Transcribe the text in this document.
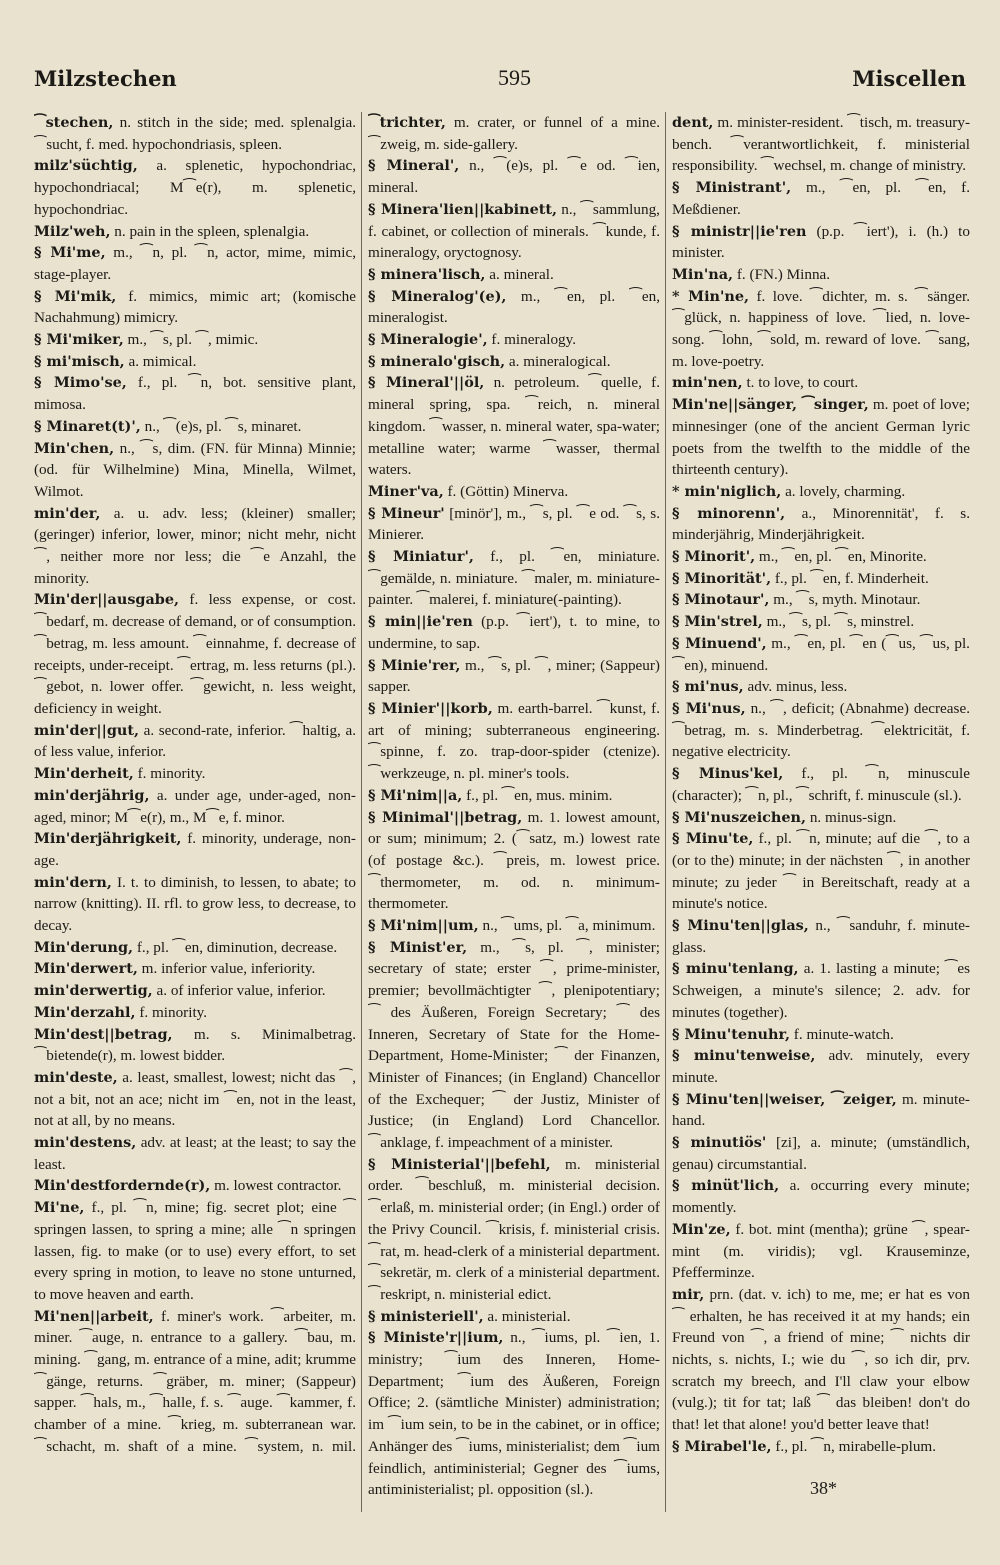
Milzstechen	595	Miscellen

⁀stechen, n. stitch in the side; med. splenalgia. ⁀sucht, f. med. hypochondriasis, spleen.

milz'süchtig, a. splenetic, hypochondriac, hypochondriacal; M⁀e(r), m. splenetic, hypochondriac.

Milz'weh, n. pain in the spleen, splenalgia.

§ Mi'me, m., ⁀n, pl. ⁀n, actor, mime, mimic, stage-player.

§ Mi'mik, f. mimics, mimic art; (komische Nachahmung) mimicry.

§ Mi'miker, m., ⁀s, pl. ⁀, mimic.

§ mi'misch, a. mimical.

§ Mimo'se, f., pl. ⁀n, bot. sensitive plant, mimosa.

§ Minaret(t)', n., ⁀(e)s, pl. ⁀s, minaret.

Min'chen, n., ⁀s, dim. (FN. für Minna) Minnie; (od. für Wilhelmine) Mina, Minella, Wilmet, Wilmot.

min'der, a. u. adv. less; (kleiner) smaller; (geringer) inferior, lower, minor; nicht mehr, nicht ⁀, neither more nor less; die ⁀e Anzahl, the minority.

Min'der||ausgabe, f. less expense, or cost. ⁀bedarf, m. decrease of demand, or of consumption. ⁀betrag, m. less amount. ⁀einnahme, f. decrease of receipts, under-receipt. ⁀ertrag, m. less returns (pl.). ⁀gebot, n. lower offer. ⁀gewicht, n. less weight, deficiency in weight.

min'der||gut, a. second-rate, inferior. ⁀haltig, a. of less value, inferior.

Min'derheit, f. minority.

min'derjährig, a. under age, under-aged, non-aged, minor; M⁀e(r), m., M⁀e, f. minor.

Min'derjährigkeit, f. minority, underage, non-age.

min'dern, I. t. to diminish, to lessen, to abate; to narrow (knitting). II. rfl. to grow less, to decrease, to decay.

Min'derung, f., pl. ⁀en, diminution, decrease.

Min'derwert, m. inferior value, inferiority.

min'derwertig, a. of inferior value, inferior.

Min'derzahl, f. minority.

Min'dest||betrag, m. s. Minimalbetrag. ⁀bietende(r), m. lowest bidder.

min'deste, a. least, smallest, lowest; nicht das ⁀, not a bit, not an ace; nicht im ⁀en, not in the least, not at all, by no means.

min'destens, adv. at least; at the least; to say the least.

Min'destfordernde(r), m. lowest contractor.

Mi'ne, f., pl. ⁀n, mine; fig. secret plot; eine ⁀ springen lassen, to spring a mine; alle ⁀n springen lassen, fig. to make (or to use) every effort, to set every spring in motion, to leave no stone unturned, to move heaven and earth.

Mi'nen||arbeit, f. miner's work. ⁀arbeiter, m. miner. ⁀auge, n. entrance to a gallery. ⁀bau, m. mining. ⁀gang, m. entrance of a mine, adit; krumme ⁀gänge, returns. ⁀gräber, m. miner; (Sappeur) sapper. ⁀hals, m., ⁀halle, f. s. ⁀auge. ⁀kammer, f. chamber of a mine. ⁀krieg, m. subterranean war. ⁀schacht, m. shaft of a mine. ⁀system, n. mil.

⁀trichter, m. crater, or funnel of a mine. ⁀zweig, m. side-gallery.

§ Mineral', n., ⁀(e)s, pl. ⁀e od. ⁀ien, mineral.

§ Minera'lien||kabinett, n., ⁀sammlung, f. cabinet, or collection of minerals. ⁀kunde, f. mineralogy, oryctognosy.

§ minera'lisch, a. mineral.

§ Mineralog'(e), m., ⁀en, pl. ⁀en, mineralogist.

§ Mineralogie', f. mineralogy.

§ mineralo'gisch, a. mineralogical.

§ Mineral'||öl, n. petroleum. ⁀quelle, f. mineral spring, spa. ⁀reich, n. mineral kingdom. ⁀wasser, n. mineral water, spa-water; metalline water; warme ⁀wasser, thermal waters.

Miner'va, f. (Göttin) Minerva.

§ Mineur' [minör'], m., ⁀s, pl. ⁀e od. ⁀s, s. Minierer.

§ Miniatur', f., pl. ⁀en, miniature. ⁀gemälde, n. miniature. ⁀maler, m. miniature-painter. ⁀malerei, f. miniature(-painting).

§ min||ie'ren (p.p. ⁀iert'), t. to mine, to undermine, to sap.

§ Minie'rer, m., ⁀s, pl. ⁀, miner; (Sappeur) sapper.

§ Minier'||korb, m. earth-barrel. ⁀kunst, f. art of mining; subterraneous engineering. ⁀spinne, f. zo. trap-door-spider (ctenize). ⁀werkzeuge, n. pl. miner's tools.

§ Mi'nim||a, f., pl. ⁀en, mus. minim.

§ Minimal'||betrag, m. 1. lowest amount, or sum; minimum; 2. (⁀satz, m.) lowest rate (of postage &c.). ⁀preis, m. lowest price. ⁀thermometer, m. od. n. minimum-thermometer.

§ Mi'nim||um, n., ⁀ums, pl. ⁀a, minimum.

§ Minist'er, m., ⁀s, pl. ⁀, minister; secretary of state; erster ⁀, prime-minister, premier; bevollmächtigter ⁀, plenipotentiary; ⁀ des Äußeren, Foreign Secretary; ⁀ des Inneren, Secretary of State for the Home-Department, Home-Minister; ⁀ der Finanzen, Minister of Finances; (in England) Chancellor of the Exchequer; ⁀ der Justiz, Minister of Justice; (in England) Lord Chancellor. ⁀anklage, f. impeachment of a minister.

§ Ministerial'||befehl, m. ministerial order. ⁀beschluß, m. ministerial decision. ⁀erlaß, m. ministerial order; (in Engl.) order of the Privy Council. ⁀krisis, f. ministerial crisis. ⁀rat, m. head-clerk of a ministerial department. ⁀sekretär, m. clerk of a ministerial department. ⁀reskript, n. ministerial edict.

§ ministeriell', a. ministerial.

§ Ministe'r||ium, n., ⁀iums, pl. ⁀ien, 1. ministry; ⁀ium des Inneren, Home-Department; ⁀ium des Äußeren, Foreign Office; 2. (sämtliche Minister) administration; im ⁀ium sein, to be in the cabinet, or in office; Anhänger des ⁀iums, ministerialist; dem ⁀ium feindlich, antiministerial; Gegner des ⁀iums, antiministerialist; pl. opposition (sl.).

dent, m. minister-resident. ⁀tisch, m. treasury-bench. ⁀verantwortlichkeit, f. ministerial responsibility. ⁀wechsel, m. change of ministry.

§ Ministrant', m., ⁀en, pl. ⁀en, f. Meßdiener.

§ ministr||ie'ren (p.p. ⁀iert'), i. (h.) to minister.

Min'na, f. (FN.) Minna.

* Min'ne, f. love. ⁀dichter, m. s. ⁀sänger. ⁀glück, n. happiness of love. ⁀lied, n. love-song. ⁀lohn, ⁀sold, m. reward of love. ⁀sang, m. love-poetry.

min'nen, t. to love, to court.

Min'ne||sänger, ⁀singer, m. poet of love; minnesinger (one of the ancient German lyric poets from the twelfth to the middle of the thirteenth century).

* min'niglich, a. lovely, charming.

§ minorenn', a., Minorennität', f. s. minderjährig, Minderjährigkeit.

§ Minorit', m., ⁀en, pl. ⁀en, Minorite.

§ Minorität', f., pl. ⁀en, f. Minderheit.

§ Minotaur', m., ⁀s, myth. Minotaur.

§ Min'strel, m., ⁀s, pl. ⁀s, minstrel.

§ Minuend', m., ⁀en, pl. ⁀en (⁀us, ⁀us, pl. ⁀en), minuend.

§ mi'nus, adv. minus, less.

§ Mi'nus, n., ⁀, deficit; (Abnahme) decrease. ⁀betrag, m. s. Minderbetrag. ⁀elektricität, f. negative electricity.

§ Minus'kel, f., pl. ⁀n, minuscule (character); ⁀n, pl., ⁀schrift, f. minuscule (sl.).

§ Mi'nuszeichen, n. minus-sign.

§ Minu'te, f., pl. ⁀n, minute; auf die ⁀, to a (or to the) minute; in der nächsten ⁀, in another minute; zu jeder ⁀ in Bereitschaft, ready at a minute's notice.

§ Minu'ten||glas, n., ⁀sanduhr, f. minute-glass.

§ minu'tenlang, a. 1. lasting a minute; ⁀es Schweigen, a minute's silence; 2. adv. for minutes (together).

§ Minu'tenuhr, f. minute-watch.

§ minu'tenweise, adv. minutely, every minute.

§ Minu'ten||weiser, ⁀zeiger, m. minute-hand.

§ minutiös' [zi], a. minute; (umständlich, genau) circumstantial.

§ minüt'lich, a. occurring every minute; momently.

Min'ze, f. bot. mint (mentha); grüne ⁀, spear-mint (m. viridis); vgl. Krauseminze, Pfefferminze.

mir, prn. (dat. v. ich) to me, me; er hat es von ⁀ erhalten, he has received it at my hands; ein Freund von ⁀, a friend of mine; ⁀ nichts dir nichts, s. nichts, I.; wie du ⁀, so ich dir, prv. scratch my breech, and I'll claw your elbow (vulg.); tit for tat; laß ⁀ das bleiben! don't do that! let that alone! you'd better leave that!

§ Mirabel'le, f., pl. ⁀n, mirabelle-plum.

38*
